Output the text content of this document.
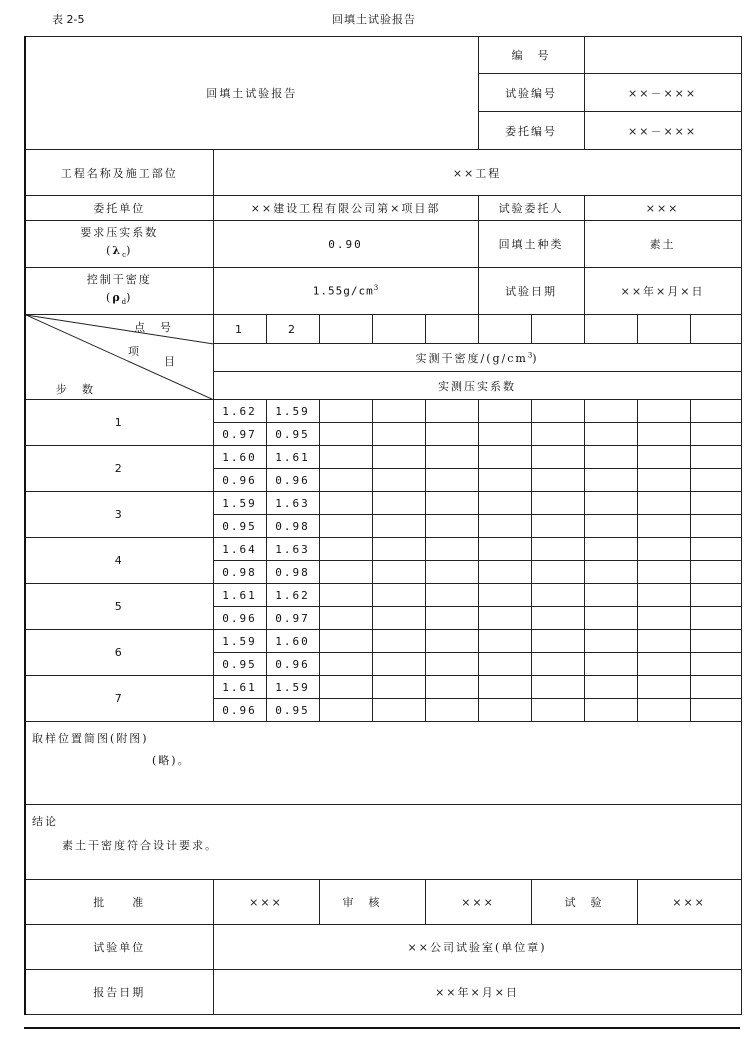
表 2-5	回填土试验报告
回填土试验报告						编　号				
						试验编号		××－×××		
						委托编号		××－×××		
工程名称及施工部位	××工程									
委托单位	××建设工程有限公司第×项目部					试验委托人		×××		

要求压实系数
$(\lambda_c)$	0.90					回填土种类		素土		

控制干密度
$(\rho_d)$	$1.55g/cm^3$					试验日期		××年×月×日		

点　号
项
目
步　数	1	2								
	实测干密度$/(g/cm^3)$									
	实测压实系数									
1	1.62	1.59								
	0.97	0.95								
2	1.60	1.61								
	0.96	0.96								
3	1.59	1.63								
	0.95	0.98								
4	1.64	1.63								
	0.98	0.98								
5	1.61	1.62								
	0.96	0.97								
6	1.59	1.60								
	0.95	0.96								
7	1.61	1.59								
	0.96	0.95								

取样位置简图(附图)
(略)。										

结论
素土干密度符合设计要求。										

批　　准	×××		审　核		×××		试　验		×××	
试验单位	××公司试验室(单位章)									
报告日期	××年×月×日									
